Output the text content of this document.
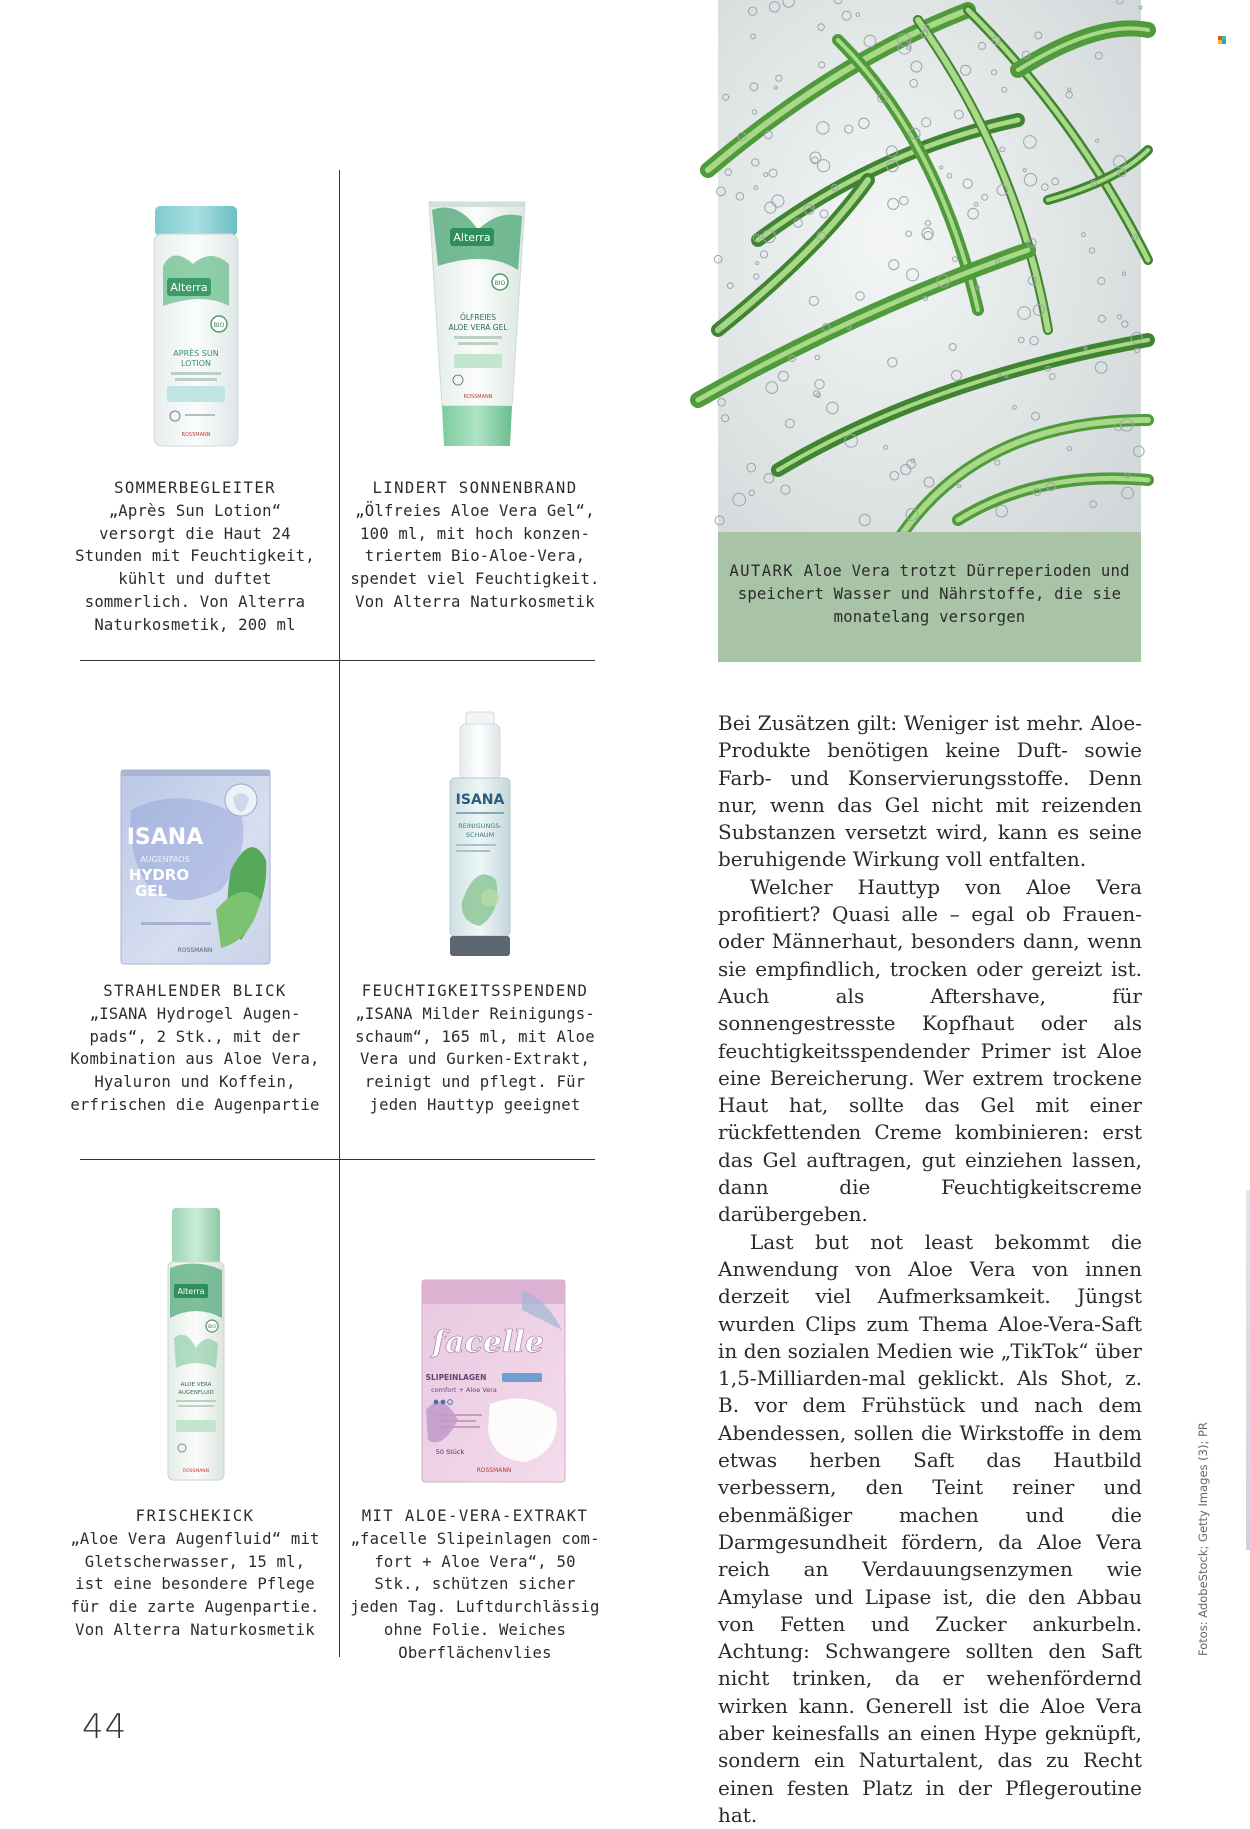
Alterra
BIO
APRÈS SUN
LOTION
ROSSMANN
SOMMERBEGLEITER

„Après Sun Lotion“ versorgt die Haut 24 Stunden mit Feuchtigkeit, kühlt und duftet sommerlich. Von Alterra Naturkosmetik, 200 ml

Alterra
BIO
ÖLFREIES
ALOE VERA GEL
ROSSMANN
LINDERT SONNENBRAND

„Ölfreies Aloe Vera Gel“, 100 ml, mit hoch konzentriertem Bio-Aloe-Vera, spendet viel Feuchtigkeit. Von Alterra Naturkosmetik

ISANA
AUGENPADS
HYDRO
GEL
ROSSMANN
STRAHLENDER BLICK

„ISANA Hydrogel Augenpads“, 2 Stk., mit der Kombination aus Aloe Vera, Hyaluron und Koffein, erfrischen die Augenpartie

ISANA
REINIGUNGS-
SCHAUM
FEUCHTIGKEITSSPENDEND

„ISANA Milder Reinigungsschaum“, 165 ml, mit Aloe Vera und Gurken-Extrakt, reinigt und pflegt. Für jeden Hauttyp geeignet

Alterra
BIO
ALOE VERA
AUGENFLUID
ROSSMANN
FRISCHEKICK

„Aloe Vera Augenfluid“ mit Gletscherwasser, 15 ml, ist eine besondere Pflege für die zarte Augenpartie. Von Alterra Naturkosmetik

facelle
SLIPEINLAGEN
comfort + Aloe Vera
50 Stück
ROSSMANN
MIT ALOE-VERA-EXTRAKT

„facelle Slipeinlagen comfort + Aloe Vera“, 50 Stk., schützen sicher jeden Tag. Luftdurchlässig ohne Folie. Weiches Oberflächenvlies

AUTARK Aloe Vera trotzt Dürreperioden und speichert Wasser und Nährstoffe, die sie monatelang versorgen

Bei Zusätzen gilt: Weniger ist mehr. Aloe-Produkte benötigen keine Duft- sowie Farb- und Konservierungsstoffe. Denn nur, wenn das Gel nicht mit reizenden Substanzen versetzt wird, kann es seine beruhigende Wirkung voll entfalten.

Welcher Hauttyp von Aloe Vera profitiert? Quasi alle – egal ob Frauen- oder Männerhaut, besonders dann, wenn sie empfindlich, trocken oder gereizt ist. Auch als Aftershave, für sonnengestresste Kopfhaut oder als feuchtigkeitsspendender Primer ist Aloe eine Bereicherung. Wer extrem trockene Haut hat, sollte das Gel mit einer rückfettenden Creme kombinieren: erst das Gel auftragen, gut einziehen lassen, dann die Feuchtigkeitscreme darübergeben.

Last but not least bekommt die Anwendung von Aloe Vera von innen derzeit viel Aufmerksamkeit. Jüngst wurden Clips zum Thema Aloe-Vera-Saft in den sozialen Medien wie „TikTok“ über 1,5-Milliarden-mal geklickt. Als Shot, z. B. vor dem Frühstück und nach dem Abendessen, sollen die Wirkstoffe in dem etwas herben Saft das Hautbild verbessern, den Teint reiner und ebenmäßiger machen und die Darmgesundheit fördern, da Aloe Vera reich an Verdauungsenzymen wie Amylase und Lipase ist, die den Abbau von Fetten und Zucker ankurbeln. Achtung: Schwangere sollten den Saft nicht trinken, da er wehenfördernd wirken kann. Generell ist die Aloe Vera aber keinesfalls an einen Hype geknüpft, sondern ein Naturtalent, das zu Recht einen festen Platz in der Pflegeroutine hat.

44
Fotos: AdobeStock; Getty Images (3); PR
